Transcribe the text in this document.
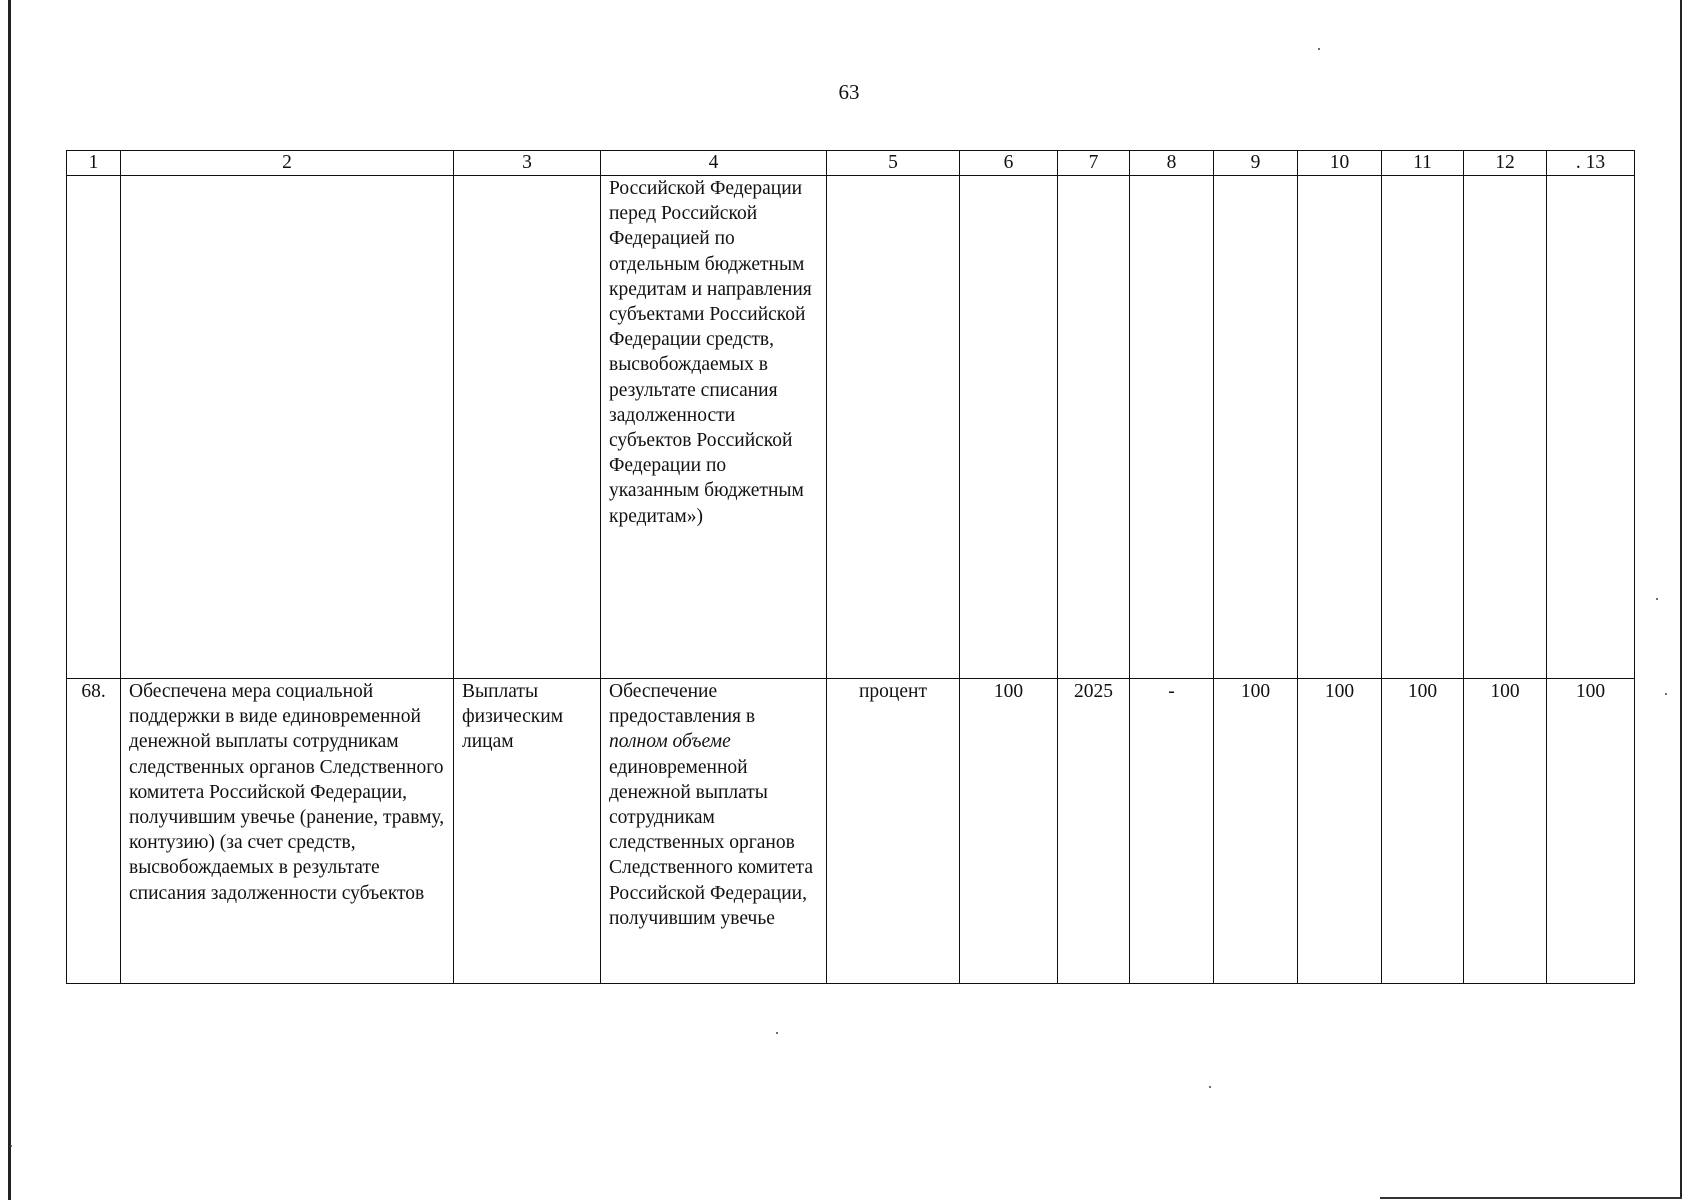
63
1	2	3	4	5	6	7	8	9	10	11	12	. 13
			Российской Федерации перед Российской Федерацией по отдельным бюджетным кредитам и направления субъектами Российской Федерации средств, высвобождаемых в результате списания задолженности субъектов Российской Федерации по указанным бюджетным кредитам»)									
68.	Обеспечена мера социальной поддержки в виде единовременной денежной выплаты сотрудникам следственных органов Следственного комитета Российской Федерации, получившим увечье (ранение, травму, контузию) (за счет средств, высвобождаемых в результате списания задолженности субъектов	Выплаты физическим лицам	Обеспечение предоставления в полном объеме единовременной денежной выплаты сотрудникам следственных органов Следственного комитета Российской Федерации, получившим увечье	процент	100	2025	-	100	100	100	100	100
